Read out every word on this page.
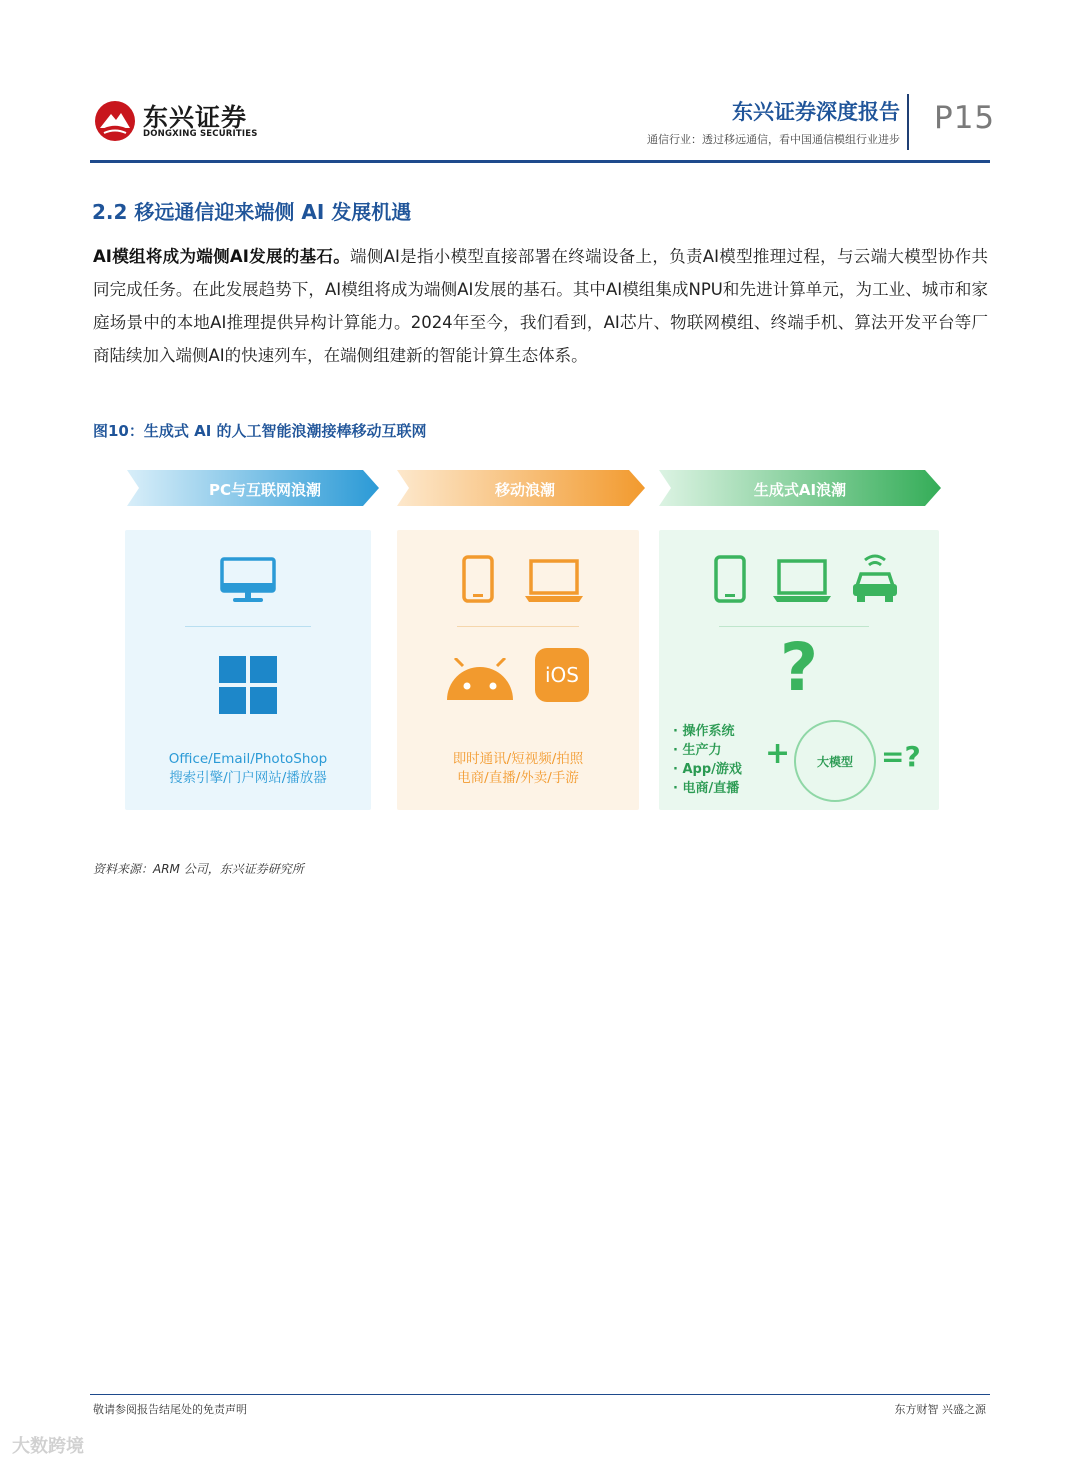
东兴证券
DONGXING SECURITIES
东兴证券深度报告
通信行业：透过移远通信，看中国通信模组行业进步
P15
2.2 移远通信迎来端侧 AI 发展机遇
AI模组将成为端侧AI发展的基石。端侧AI是指小模型直接部署在终端设备上，负责AI模型推理过程，与云端大模型协作共同完成任务。在此发展趋势下，AI模组将成为端侧AI发展的基石。其中AI模组集成NPU和先进计算单元，为工业、城市和家庭场景中的本地AI推理提供异构计算能力。2024年至今，我们看到，AI芯片、物联网模组、终端手机、算法开发平台等厂商陆续加入端侧AI的快速列车，在端侧组建新的智能计算生态体系。
图10：生成式 AI 的人工智能浪潮接棒移动互联网
PC与互联网浪潮	移动浪潮	生成式AI浪潮
Office/Email/PhotoShop
搜索引擎/门户网站/播放器
iOS
即时通讯/短视频/拍照
电商/直播/外卖/手游
?
· 操作系统
· 生产力
· App/游戏
· 电商/直播
+	大模型	=?
资料来源：ARM 公司，东兴证券研究所
敬请参阅报告结尾处的免责声明	东方财智 兴盛之源
大数跨境
